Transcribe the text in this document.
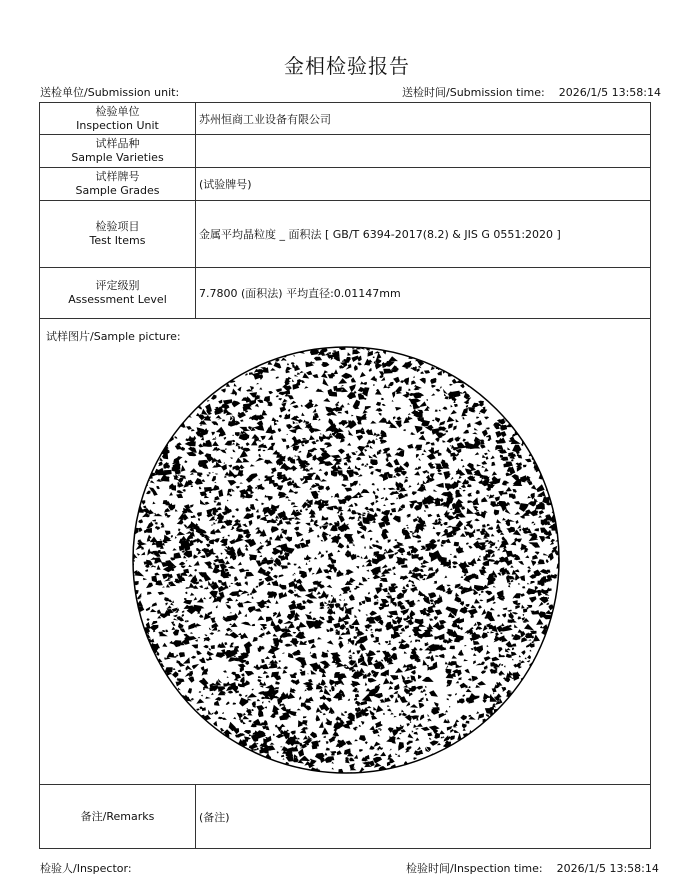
金相检验报告
送检单位/Submission unit:	送检时间/Submission time: 2026/1/5 13:58:14
检验单位
Inspection Unit	苏州恒商工业设备有限公司

试样品种
Sample Varieties	

试样牌号
Sample Grades	(试验牌号)

检验项目
Test Items	金属平均晶粒度 _ 面积法 [ GB/T 6394-2017(8.2) & JIS G 0551:2020 ]

评定级别
Assessment Level	7.7800 (面积法) 平均直径:0.01147mm
试样图片/Sample picture:
备注/Remarks	(备注)
检验人/Inspector:	检验时间/Inspection time: 2026/1/5 13:58:14
